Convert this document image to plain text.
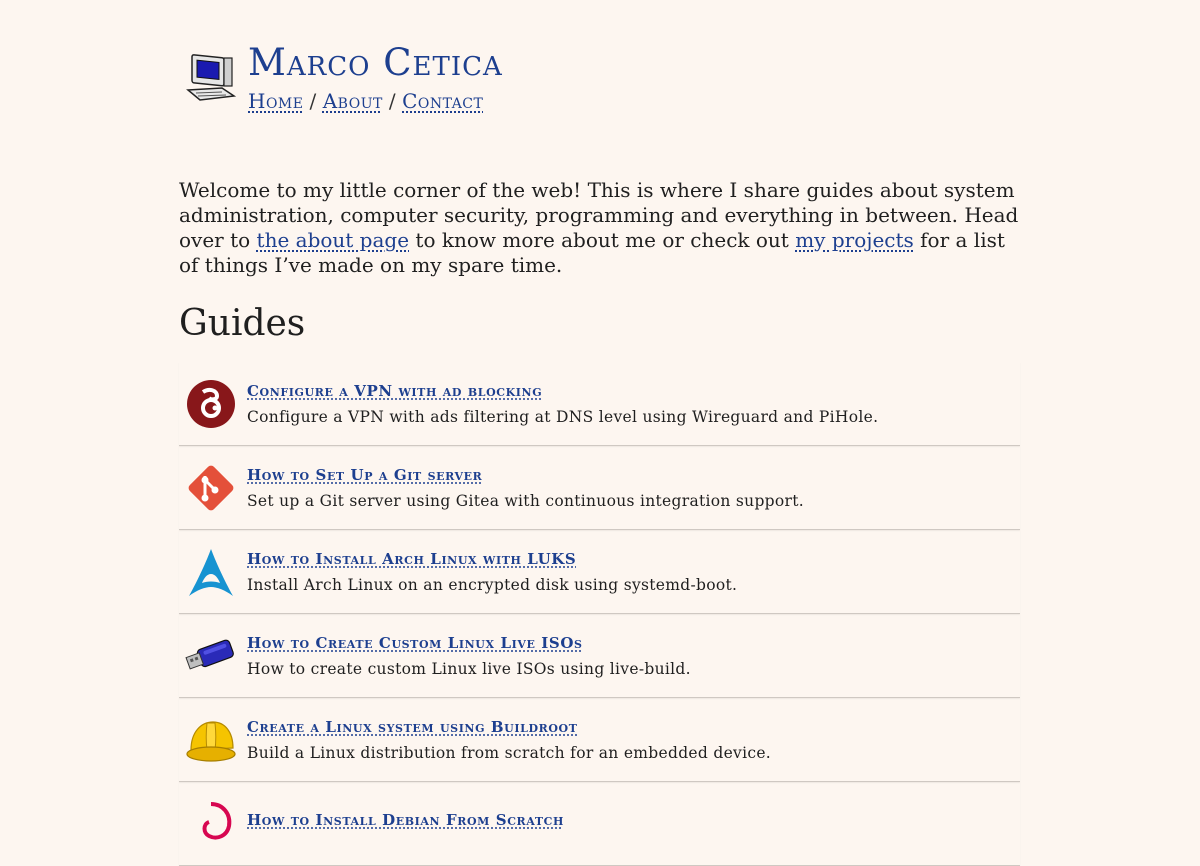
Marco Cetica
Home / About / Contact

Welcome to my little corner of the web! This is where I share guides about system administration, computer security, programming and everything in between. Head over to the about page to know more about me or check out my projects for a list of things I’ve made on my spare time.

Guides
Configure a VPN with ad blocking
Configure a VPN with ads filtering at DNS level using Wireguard and PiHole.
How to Set Up a Git server
Set up a Git server using Gitea with continuous integration support.
How to Install Arch Linux with LUKS
Install Arch Linux on an encrypted disk using systemd-boot.
How to Create Custom Linux Live ISOs
How to create custom Linux live ISOs using live-build.
Create a Linux system using Buildroot
Build a Linux distribution from scratch for an embedded device.
How to Install Debian From Scratch
